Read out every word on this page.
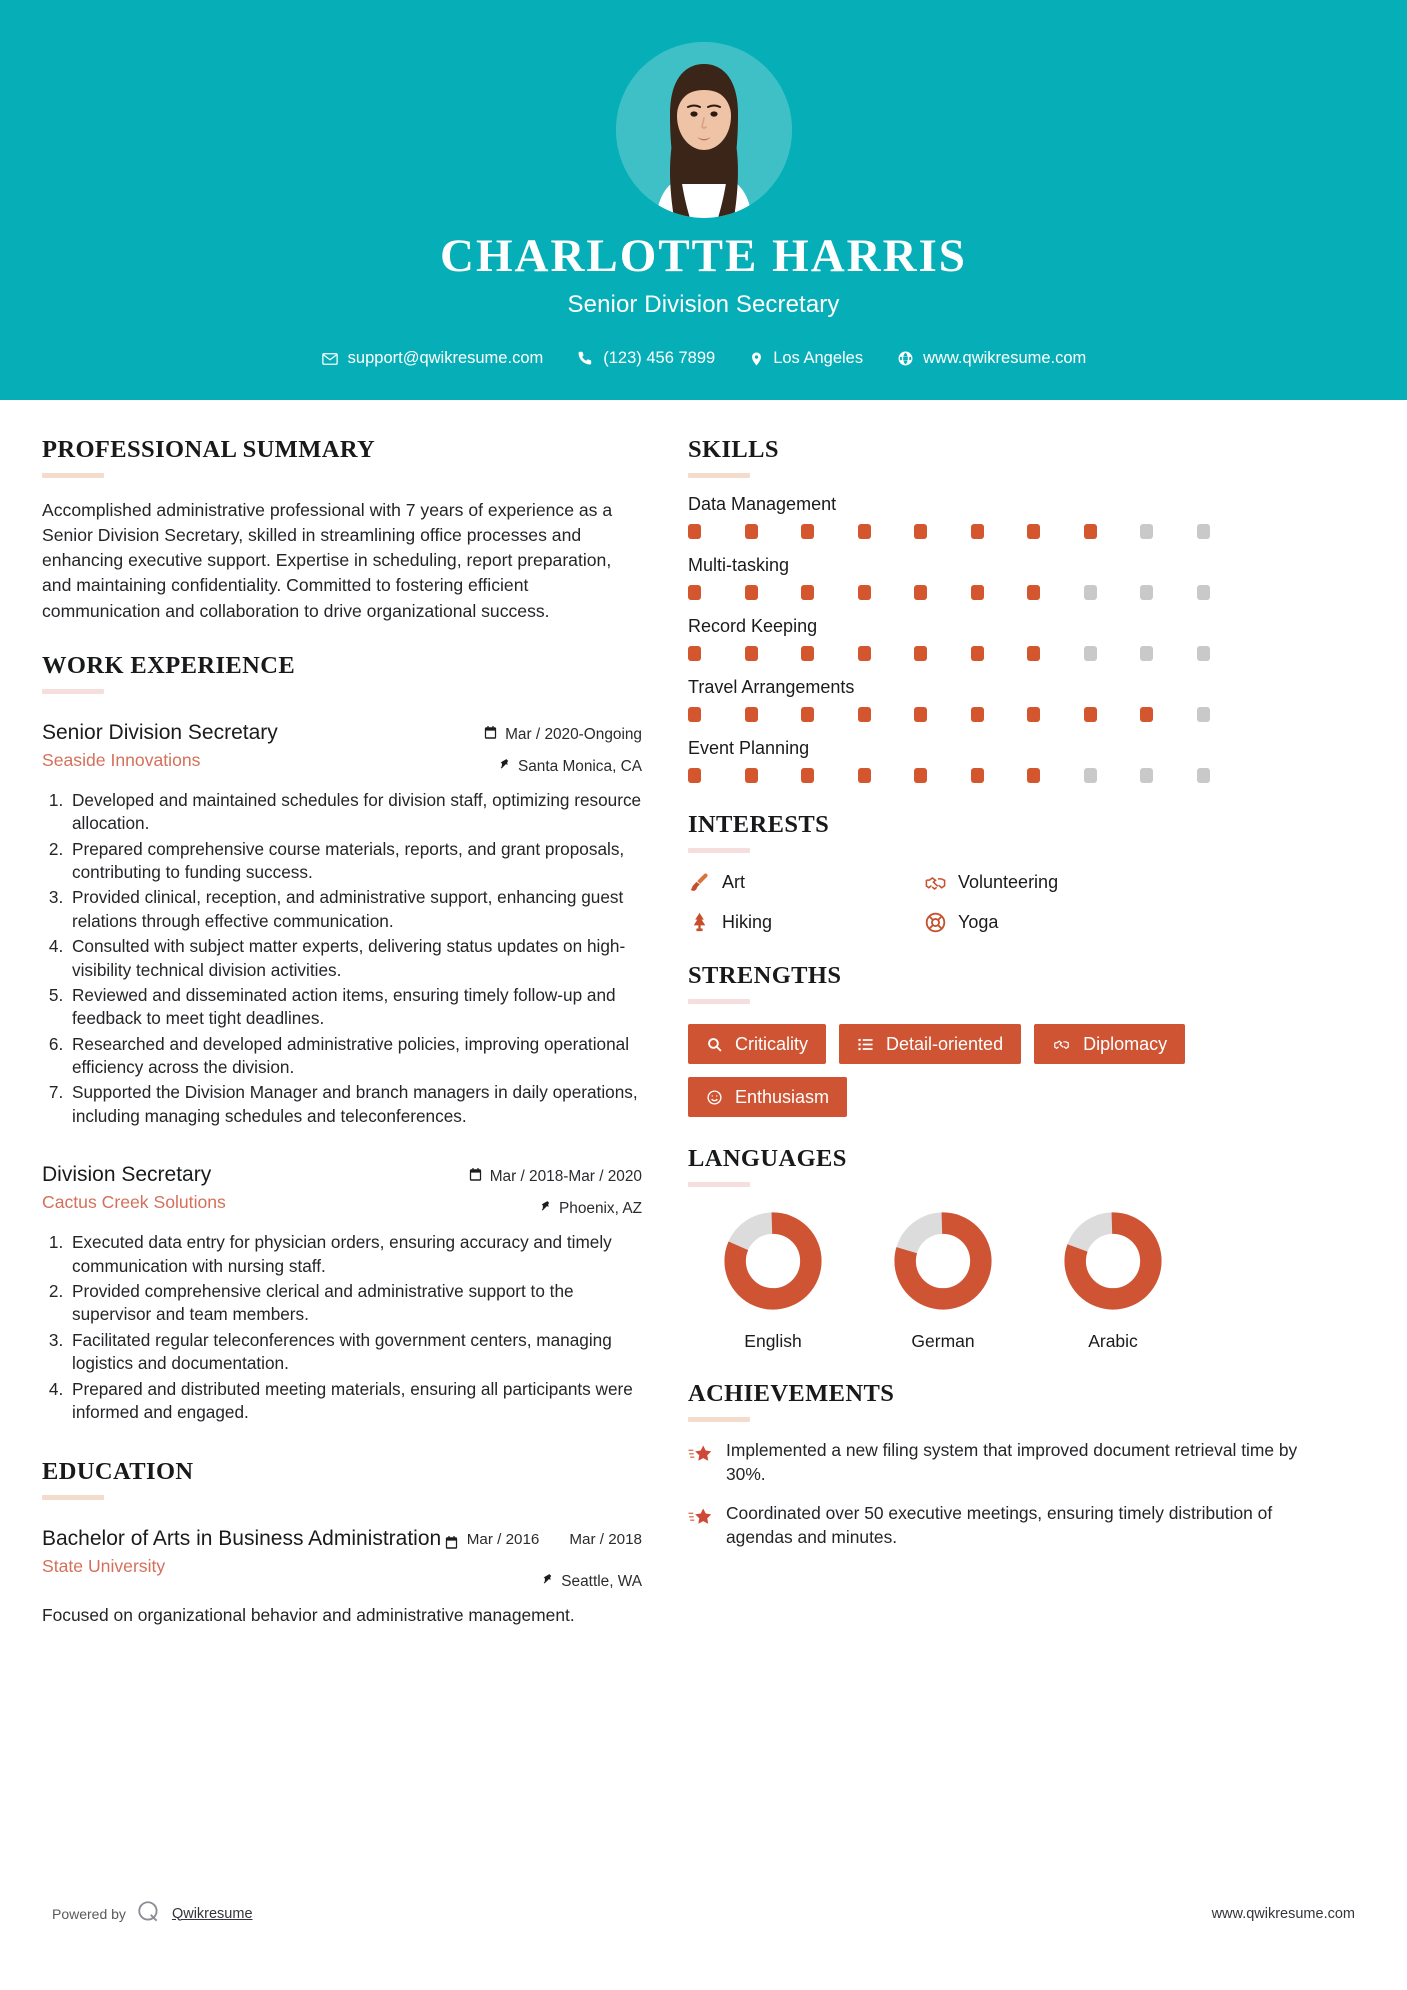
CHARLOTTE HARRIS
Senior Division Secretary
support@qwikresume.com	(123) 456 7899	Los Angeles	www.qwikresume.com
PROFESSIONAL SUMMARY
Accomplished administrative professional with 7 years of experience as a Senior Division Secretary, skilled in streamlining office processes and enhancing executive support. Expertise in scheduling, report preparation, and maintaining confidentiality. Committed to fostering efficient communication and collaboration to drive organizational success.
WORK EXPERIENCE
Senior Division Secretary
Seaside Innovations
Mar / 2020-Ongoing
Santa Monica, CA
1. Developed and maintained schedules for division staff, optimizing resource allocation.
2. Prepared comprehensive course materials, reports, and grant proposals, contributing to funding success.
3. Provided clinical, reception, and administrative support, enhancing guest relations through effective communication.
4. Consulted with subject matter experts, delivering status updates on high-visibility technical division activities.
5. Reviewed and disseminated action items, ensuring timely follow-up and feedback to meet tight deadlines.
6. Researched and developed administrative policies, improving operational efficiency across the division.
7. Supported the Division Manager and branch managers in daily operations, including managing schedules and teleconferences.
Division Secretary
Cactus Creek Solutions
Mar / 2018-Mar / 2020
Phoenix, AZ
1. Executed data entry for physician orders, ensuring accuracy and timely communication with nursing staff.
2. Provided comprehensive clerical and administrative support to the supervisor and team members.
3. Facilitated regular teleconferences with government centers, managing logistics and documentation.
4. Prepared and distributed meeting materials, ensuring all participants were informed and engaged.
EDUCATION
Bachelor of Arts in Business Administration
State University
Mar / 2016 Mar / 2018
Seattle, WA
Focused on organizational behavior and administrative management.
SKILLS
Data Management
Multi-tasking
Record Keeping
Travel Arrangements
Event Planning
INTERESTS
Art	Volunteering
Hiking	Yoga
STRENGTHS
Criticality	Detail-oriented	Diplomacy
Enthusiasm
LANGUAGES
English	German	Arabic
ACHIEVEMENTS
Implemented a new filing system that improved document retrieval time by 30%.
Coordinated over 50 executive meetings, ensuring timely distribution of agendas and minutes.
Powered by	Qwikresume	www.qwikresume.com
